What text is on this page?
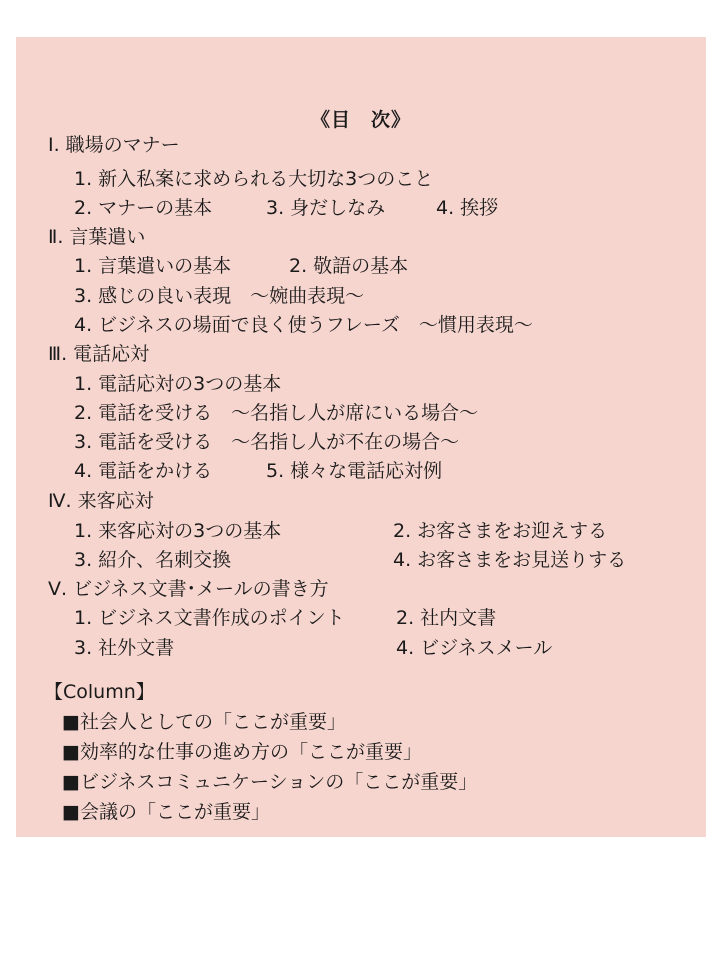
《目　次》
Ⅰ. 職場のマナー
1. 新入私案に求められる大切な3つのこと
2. マナーの基本	3. 身だしなみ	4. 挨拶
Ⅱ. 言葉遣い
1. 言葉遣いの基本	2. 敬語の基本
3. 感じの良い表現　～婉曲表現～
4. ビジネスの場面で良く使うフレーズ　～慣用表現～
Ⅲ. 電話応対
1. 電話応対の3つの基本
2. 電話を受ける　～名指し人が席にいる場合～
3. 電話を受ける　～名指し人が不在の場合～
4. 電話をかける	5. 様々な電話応対例
Ⅳ. 来客応対
1. 来客応対の3つの基本	2. お客さまをお迎えする
3. 紹介、名刺交換	4. お客さまをお見送りする
Ⅴ. ビジネス文書･メールの書き方
1. ビジネス文書作成のポイント	2. 社内文書
3. 社外文書	4. ビジネスメール
【Column】
■社会人としての「ここが重要」
■効率的な仕事の進め方の「ここが重要」
■ビジネスコミュニケーションの「ここが重要」
■会議の「ここが重要」
